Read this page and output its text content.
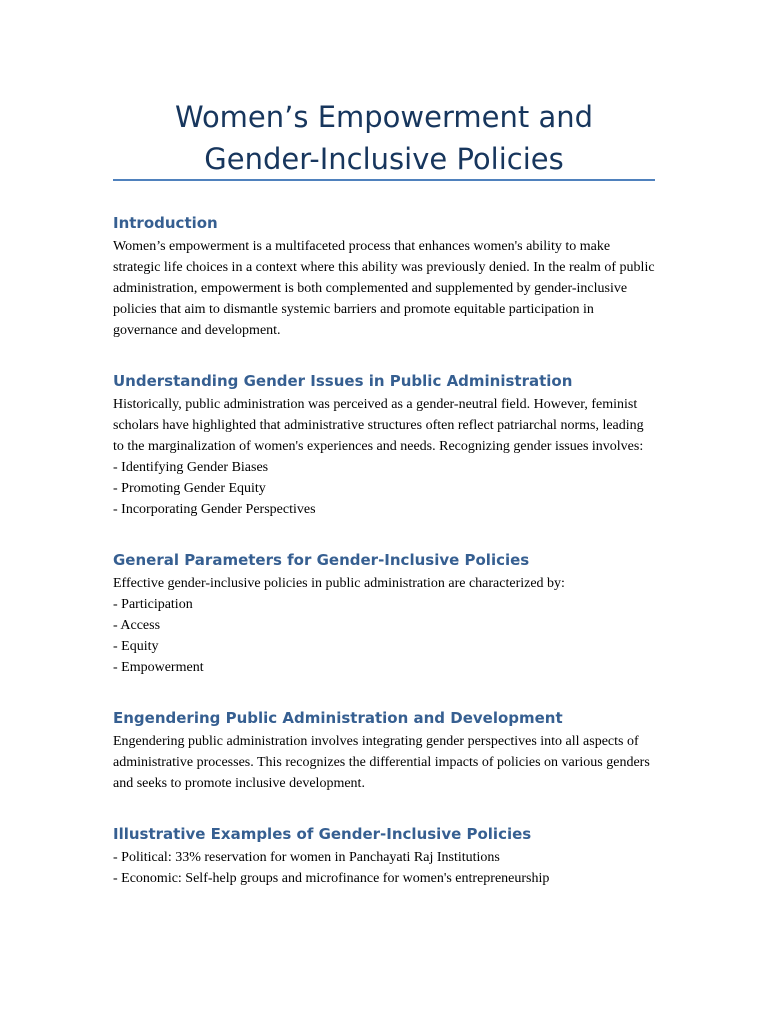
Women’s Empowerment and Gender-Inclusive Policies
Introduction

Women’s empowerment is a multifaceted process that enhances women's ability to make strategic life choices in a context where this ability was previously denied. In the realm of public administration, empowerment is both complemented and supplemented by gender-inclusive policies that aim to dismantle systemic barriers and promote equitable participation in governance and development.

Understanding Gender Issues in Public Administration

Historically, public administration was perceived as a gender-neutral field. However, feminist scholars have highlighted that administrative structures often reflect patriarchal norms, leading to the marginalization of women's experiences and needs. Recognizing gender issues involves:

- Identifying Gender Biases
- Promoting Gender Equity
- Incorporating Gender Perspectives
General Parameters for Gender-Inclusive Policies

Effective gender-inclusive policies in public administration are characterized by:

- Participation
- Access
- Equity
- Empowerment
Engendering Public Administration and Development

Engendering public administration involves integrating gender perspectives into all aspects of administrative processes. This recognizes the differential impacts of policies on various genders and seeks to promote inclusive development.

Illustrative Examples of Gender-Inclusive Policies
- Political: 33% reservation for women in Panchayati Raj Institutions
- Economic: Self-help groups and microfinance for women's entrepreneurship
